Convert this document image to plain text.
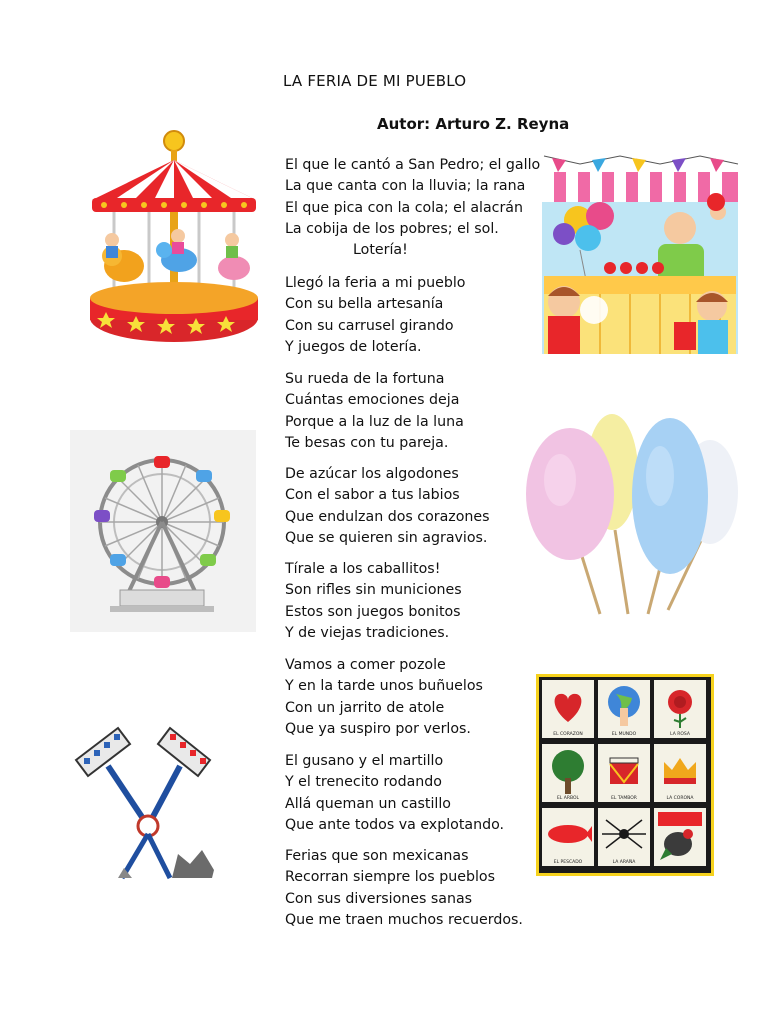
LA FERIA DE MI PUEBLO
Autor: Arturo Z. Reyna
El que le cantó a San Pedro; el gallo
La que canta con la lluvia; la rana
El que pica con la cola; el alacrán
La cobija de los pobres; el sol.
Lotería!
Llegó la feria a mi pueblo
Con su bella artesanía
Con su carrusel girando
Y juegos de lotería.
Su rueda de la fortuna
Cuántas emociones deja
Porque a la luz de la luna
Te besas con tu pareja.
De azúcar los algodones
Con el sabor a tus labios
Que endulzan dos corazones
Que se quieren sin agravios.
Tírale a los caballitos!
Son rifles sin municiones
Estos son juegos bonitos
Y de viejas tradiciones.
Vamos a comer pozole
Y en la tarde unos buñuelos
Con un jarrito de atole
Que ya suspiro por verlos.
El gusano y el martillo
Y el trenecito rodando
Allá queman un castillo
Que ante todos va explotando.
Ferias que son mexicanas
Recorran siempre los pueblos
Con sus diversiones sanas
Que me traen muchos recuerdos.
EL CORAZON	EL MUNDO	LA ROSA
EL ARBOL	EL TAMBOR	LA CORONA
EL PESCADO	LA ARAÑA
